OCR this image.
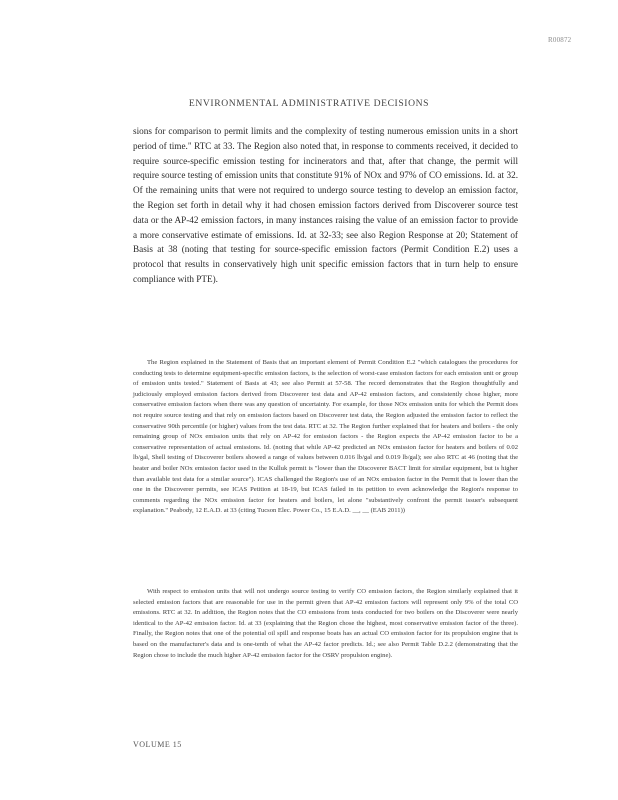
R00872
ENVIRONMENTAL ADMINISTRATIVE DECISIONS

sions for comparison to permit limits and the complexity of testing numerous emission units in a short period of time." RTC at 33. The Region also noted that, in response to comments received, it decided to require source-specific emission testing for incinerators and that, after that change, the permit will require source testing of emission units that constitute 91% of NOx and 97% of CO emissions. Id. at 32. Of the remaining units that were not required to undergo source testing to develop an emission factor, the Region set forth in detail why it had chosen emission factors derived from Discoverer source test data or the AP-42 emission factors, in many instances raising the value of an emission factor to provide a more conservative estimate of emissions. Id. at 32-33; see also Region Response at 20; Statement of Basis at 38 (noting that testing for source-specific emission factors (Permit Condition E.2) uses a protocol that results in conservatively high unit specific emission factors that in turn help to ensure compliance with PTE).

The Region explained in the Statement of Basis that an important element of Permit Condition E.2 "which catalogues the procedures for conducting tests to determine equipment-specific emission factors, is the selection of worst-case emission factors for each emission unit or group of emission units tested." Statement of Basis at 43; see also Permit at 57-58. The record demonstrates that the Region thoughtfully and judiciously employed emission factors derived from Discoverer test data and AP-42 emission factors, and consistently chose higher, more conservative emission factors when there was any question of uncertainty. For example, for those NOx emission units for which the Permit does not require source testing and that rely on emission factors based on Discoverer test data, the Region adjusted the emission factor to reflect the conservative 90th percentile (or higher) values from the test data. RTC at 32. The Region further explained that for heaters and boilers - the only remaining group of NOx emission units that rely on AP-42 for emission factors - the Region expects the AP-42 emission factor to be a conservative representation of actual emissions. Id. (noting that while AP-42 predicted an NOx emission factor for heaters and boilers of 0.02 lb/gal, Shell testing of Discoverer boilers showed a range of values between 0.016 lb/gal and 0.019 lb/gal); see also RTC at 46 (noting that the heater and boiler NOx emission factor used in the Kulluk permit is "lower than the Discoverer BACT limit for similar equipment, but is higher than available test data for a similar source"). ICAS challenged the Region's use of an NOx emission factor in the Permit that is lower than the one in the Discoverer permits, see ICAS Petition at 18-19, but ICAS failed in its petition to even acknowledge the Region's response to comments regarding the NOx emission factor for heaters and boilers, let alone "substantively confront the permit issuer's subsequent explanation." Peabody, 12 E.A.D. at 33 (citing Tucson Elec. Power Co., 15 E.A.D. __, __ (EAB 2011))

With respect to emission units that will not undergo source testing to verify CO emission factors, the Region similarly explained that it selected emission factors that are reasonable for use in the permit given that AP-42 emission factors will represent only 9% of the total CO emissions. RTC at 32. In addition, the Region notes that the CO emissions from tests conducted for two boilers on the Discoverer were nearly identical to the AP-42 emission factor. Id. at 33 (explaining that the Region chose the highest, most conservative emission factor of the three). Finally, the Region notes that one of the potential oil spill and response boats has an actual CO emission factor for its propulsion engine that is based on the manufacturer's data and is one-tenth of what the AP-42 factor predicts. Id.; see also Permit Table D.2.2 (demonstrating that the Region chose to include the much higher AP-42 emission factor for the OSRV propulsion engine).

VOLUME 15
